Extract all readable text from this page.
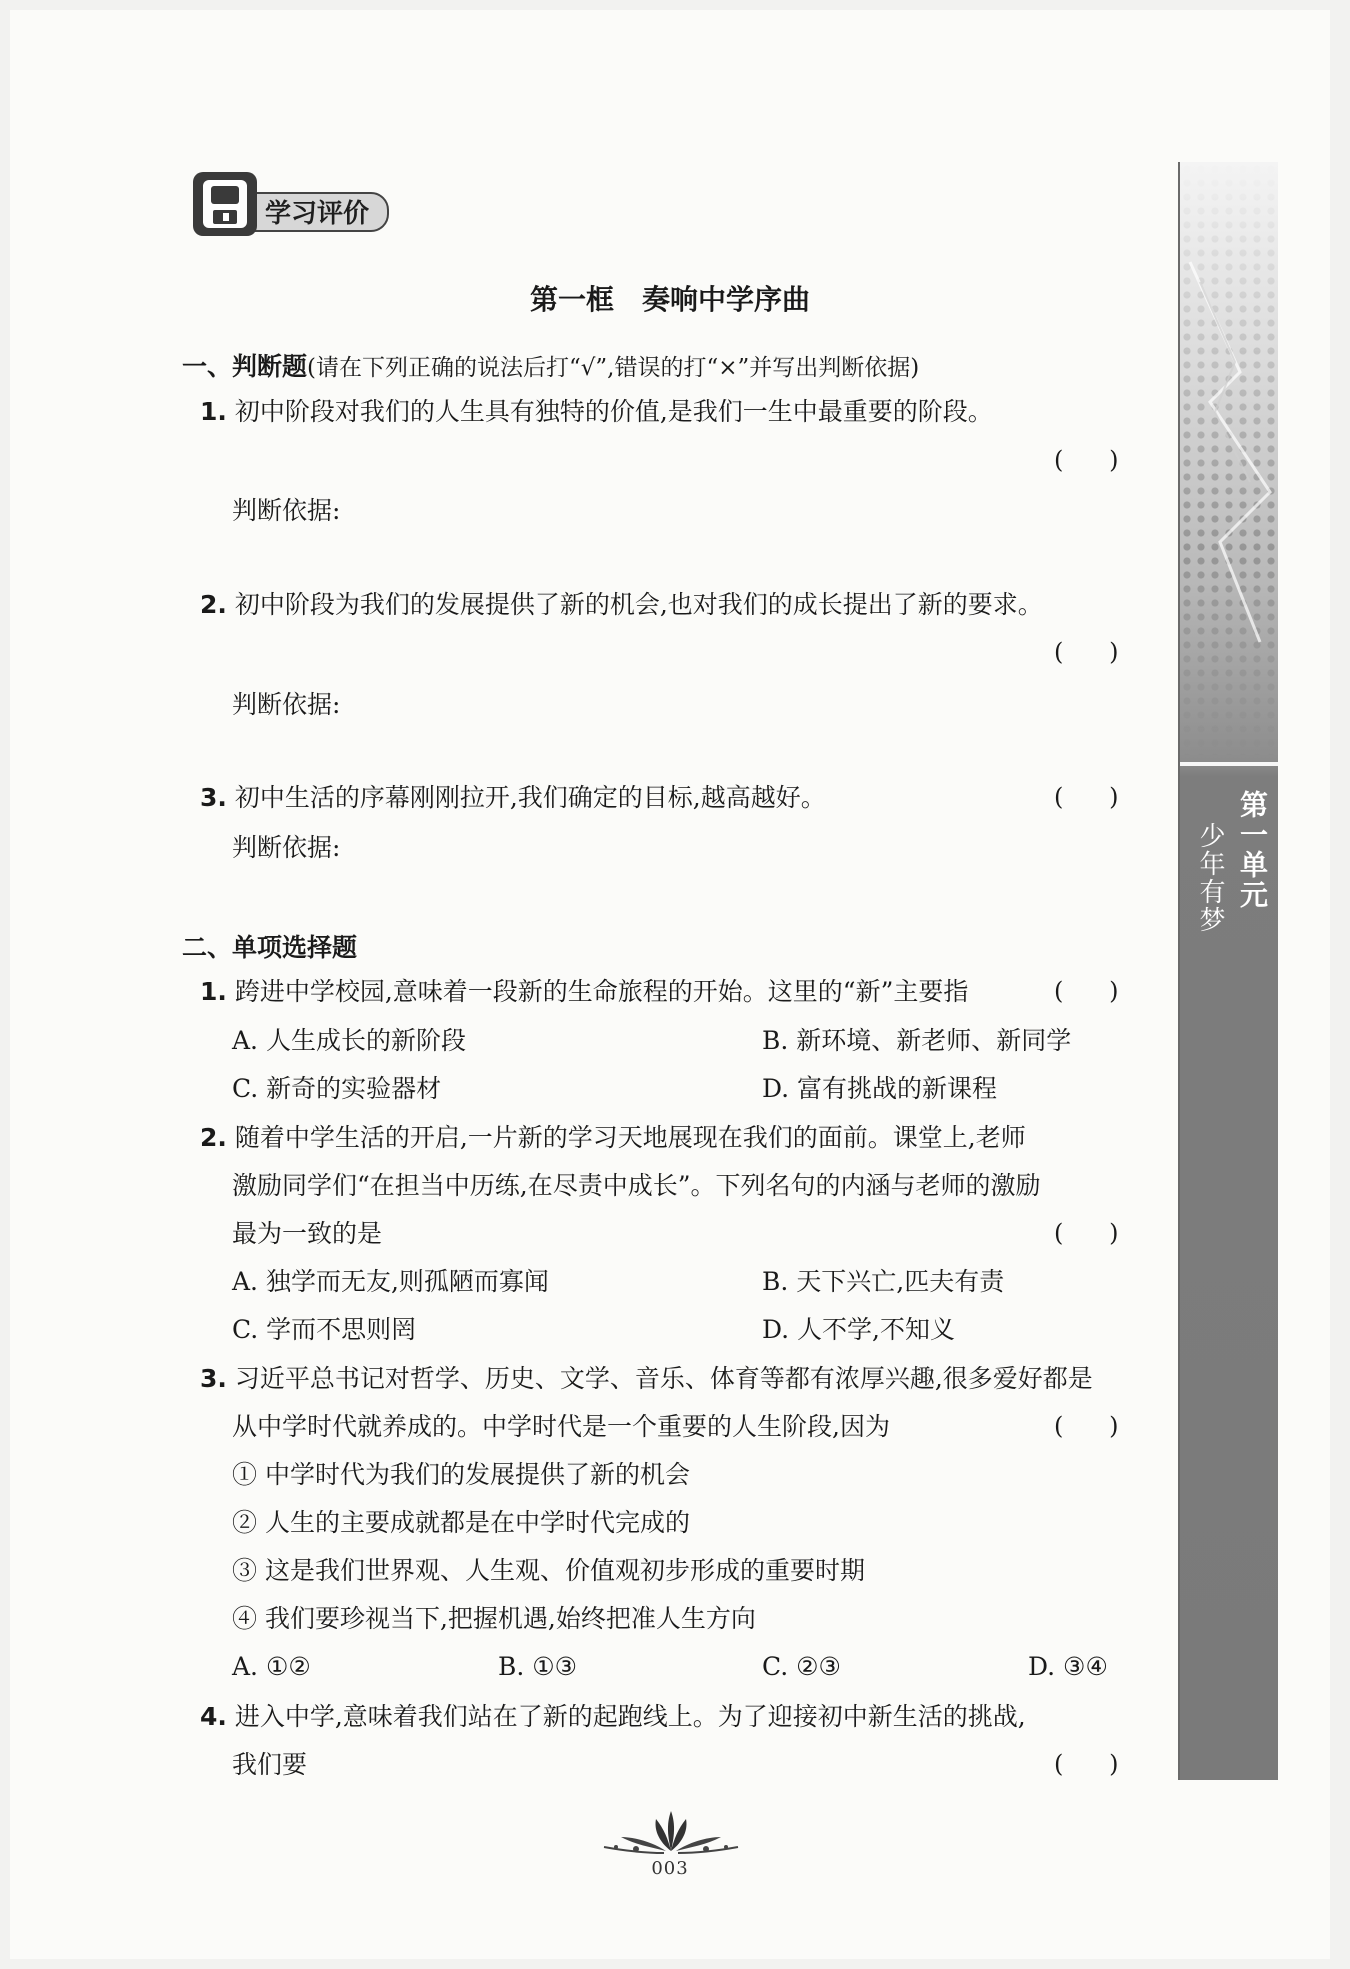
第一单元
少年有梦
学习评价
第一框　奏响中学序曲
一、判断题(请在下列正确的说法后打“√”,错误的打“×”并写出判断依据)
1. 初中阶段对我们的人生具有独特的价值,是我们一生中最重要的阶段。
(      )
判断依据:
2. 初中阶段为我们的发展提供了新的机会,也对我们的成长提出了新的要求。
(      )
判断依据:
3. 初中生活的序幕刚刚拉开,我们确定的目标,越高越好。	(      )
判断依据:
二、单项选择题
1. 跨进中学校园,意味着一段新的生命旅程的开始。这里的“新”主要指	(      )
A. 人生成长的新阶段	B. 新环境、新老师、新同学
C. 新奇的实验器材	D. 富有挑战的新课程
2. 随着中学生活的开启,一片新的学习天地展现在我们的面前。课堂上,老师
激励同学们“在担当中历练,在尽责中成长”。下列名句的内涵与老师的激励
最为一致的是	(      )
A. 独学而无友,则孤陋而寡闻	B. 天下兴亡,匹夫有责
C. 学而不思则罔	D. 人不学,不知义
3. 习近平总书记对哲学、历史、文学、音乐、体育等都有浓厚兴趣,很多爱好都是
从中学时代就养成的。中学时代是一个重要的人生阶段,因为	(      )
① 中学时代为我们的发展提供了新的机会
② 人生的主要成就都是在中学时代完成的
③ 这是我们世界观、人生观、价值观初步形成的重要时期
④ 我们要珍视当下,把握机遇,始终把准人生方向
A. ①②	B. ①③	C. ②③	D. ③④
4. 进入中学,意味着我们站在了新的起跑线上。为了迎接初中新生活的挑战,
我们要	(      )
003
